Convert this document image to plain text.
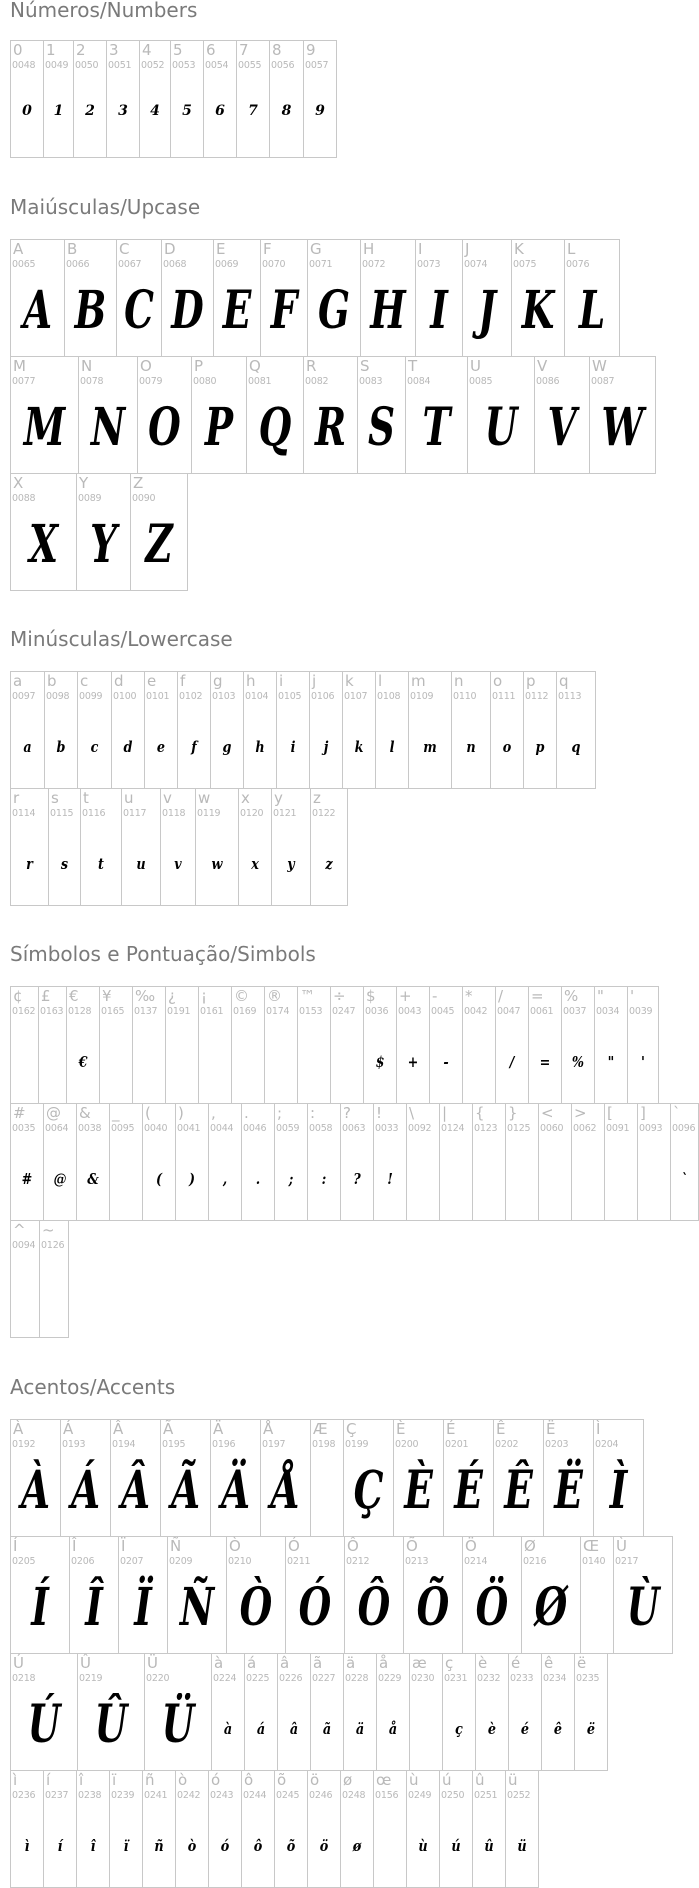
Números/Numbers
0
0048
0
1
0049
1
2
0050
2
3
0051
3
4
0052
4
5
0053
5
6
0054
6
7
0055
7
8
0056
8
9
0057
9
Maiúsculas/Upcase
A
0065
A
B
0066
B
C
0067
C
D
0068
D
E
0069
E
F
0070
F
G
0071
G
H
0072
H
I
0073
I
J
0074
J
K
0075
K
L
0076
L
M
0077
M
N
0078
N
O
0079
O
P
0080
P
Q
0081
Q
R
0082
R
S
0083
S
T
0084
T
U
0085
U
V
0086
V
W
0087
W
X
0088
X
Y
0089
Y
Z
0090
Z
Minúsculas/Lowercase
a
0097
a
b
0098
b
c
0099
c
d
0100
d
e
0101
e
f
0102
f
g
0103
g
h
0104
h
i
0105
i
j
0106
j
k
0107
k
l
0108
l
m
0109
m
n
0110
n
o
0111
o
p
0112
p
q
0113
q
r
0114
r
s
0115
s
t
0116
t
u
0117
u
v
0118
v
w
0119
w
x
0120
x
y
0121
y
z
0122
z
Símbolos e Pontuação/Simbols
¢
0162
£
0163
€
0128
€
¥
0165
‰
0137
¿
0191
¡
0161
©
0169
®
0174
™
0153
÷
0247
$
0036
$
+
0043
+
-
0045
-
*
0042
/
0047
/
=
0061
=
%
0037
%
"
0034
"
'
0039
'
#
0035
#
@
0064
@
&
0038
&
_
0095
(
0040
(
)
0041
)
,
0044
,
.
0046
.
;
0059
;
:
0058
:
?
0063
?
!
0033
!
\
0092
|
0124
{
0123
}
0125
<
0060
>
0062
[
0091
]
0093
`
0096
`
^
0094
~
0126
Acentos/Accents
À
0192
À
Á
0193
Á
Â
0194
Â
Ã
0195
Ã
Ä
0196
Ä
Å
0197
Å
Æ
0198
Ç
0199
Ç
È
0200
È
É
0201
É
Ê
0202
Ê
Ë
0203
Ë
Ì
0204
Ì
Í
0205
Í
Î
0206
Î
Ï
0207
Ï
Ñ
0209
Ñ
Ò
0210
Ò
Ó
0211
Ó
Ô
0212
Ô
Õ
0213
Õ
Ö
0214
Ö
Ø
0216
Ø
Œ
0140
Ù
0217
Ù
Ú
0218
Ú
Û
0219
Û
Ü
0220
Ü
à
0224
à
á
0225
á
â
0226
â
ã
0227
ã
ä
0228
ä
å
0229
å
æ
0230
ç
0231
ç
è
0232
è
é
0233
é
ê
0234
ê
ë
0235
ë
ì
0236
ì
í
0237
í
î
0238
î
ï
0239
ï
ñ
0241
ñ
ò
0242
ò
ó
0243
ó
ô
0244
ô
õ
0245
õ
ö
0246
ö
ø
0248
ø
œ
0156
ù
0249
ù
ú
0250
ú
û
0251
û
ü
0252
ü
